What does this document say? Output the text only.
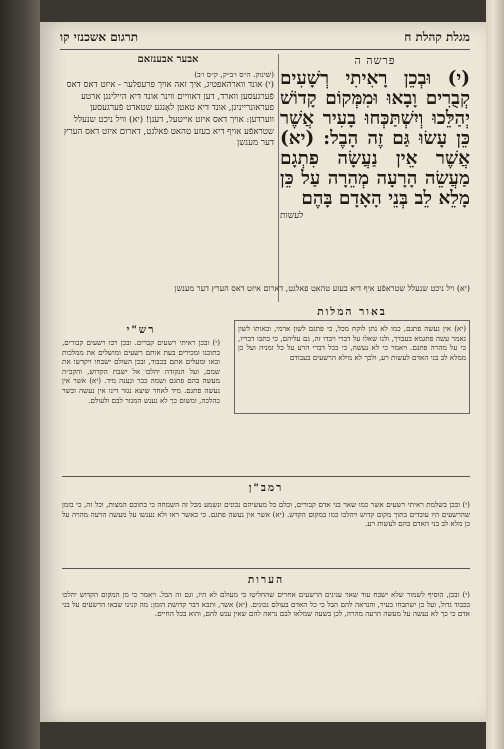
מגלת קהלת ח
תרגום אשכנזי קו
פרשה ה
(י) וּבְכֵן רָאִיתִי רְשָׁעִים קְבֻרִים וָבָאוּ וּמִמְּקוֹם קָדוֹשׁ יְהַלֵּכוּ וְיִשְׁתַּכְּחוּ בָעִיר אֲשֶׁר כֵּן עָשׂוּ גַּם זֶה הָבֶל: (יא) אֲשֶׁר אֵין נַעֲשָׂה פִתְגָם מַעֲשֵׂה הָרָעָה מְהֵרָה עַל כֵּן מָלֵא לֵב בְּנֵי הָאָדָם בָּהֶם
לעשות
אבער אבענזאם
(שינוק. ה״ס ו׳ב״ק, ק״ס ו׳ב)
(י) אונד ווארהאפטיג, איך זאה אויך פרעפלער - איזט דאס דאס פֿערגעסען ווארד, דען דאוויים ווינר אונד דיא היילינגן ארטע פעראונרייניגן, אונד דיא טאטן לאָנגע שטאדט פֿערגעסען ווערדען: אויך דאס איזט אייטעל, דענן! (יא) וויל ניכט שנעלל שטראפֿע אויף דיא בעזע טהאט פֿאלגט, דארום איזט דאס הערץ דער מענשן
(יא) ויל ניכט שנעלל שטראפֿע איף דיא בעזע טהאט פאלגט, דארום איזט דאס הערץ דער מענשן
באור המלות
(יא) אין נעשה פתגם, כמו לא נתן לוקח מכל, כי פתגם לשון ארמי, ובאותו לשון נאמר עשה פתגמא בעבדך, ולנו שאלו על דברי ויבדו זה, גם עליהם, כי כתבו דבריו, כי על מהרה פתגם. ויאמר כי לא נעשה, כי ככל דברי הרע על כל זמניה ועל כן ממלא לב בני האדם לעשות רע, ולכך לא מילא הרשעים בעבודם
רש"י
(י) ובכן ראיתי רשעים קברים. ובכן רבו רשעים קבורים, בתוכנו ומכירים בעת אותם רשעים ומושלים את ממלכות ובאו ומעלים אתם בכבוד, ובכן העולם ישבחו ויקדשו את שמם, ועל הנקודה יהלכו אל ישבת הקדוש, והקב״ה מעשה בהם פתגם ושמה כבר ונענה מיד. (יא) אשר אין נעשה פתגם. מיד לאחר שיצא נגזר דינו אין נעשה ובשר כהלכה, ומשום כך לא נענש המגזר לבם ולעולם.
רמב"ן
(י) ובכן בשלמת ראיתי רשעים אשר כמו שאר בני אדם קבורים, וכלם כל מעשיהם נכונים ונשמע מכל זה השמחה כי בתוכם המצות, וכל זה, כי בזמן שהרשעים היו עובדים בתוך מקום קדוש ויהלכו כמו במקום הקדש. (יא) אשר אין נעשה פתגם. כי כאשר ראו ולא נענשו על מעשה הרעה מהרה על כן מלא לב בני האדם בהם לעשות רע.
הערות
(י) ובכן, הוסיף לשמור שלא ישבח עוד שאר ענינים הרשעים אחרים שהחליטו כי מעולם לא היו, וגם זה הבל. ויאמר כי מן המקום הקדוש יהלכו בכבוד גדול, ועל כן ישתבחו בעיר, והנראה להם הבל כי כל האדם בעולם נכונים. (יא) אשר, ותבא דבר קדושת הזמן: מה קנינו שבאו הרשעים על בני אדם כי כך לא נעשה על מעשה הרעה מהרה, לכן בשעה שמלאו לבם נראה להם שאין ענש להם, והוא בכל החיים.
